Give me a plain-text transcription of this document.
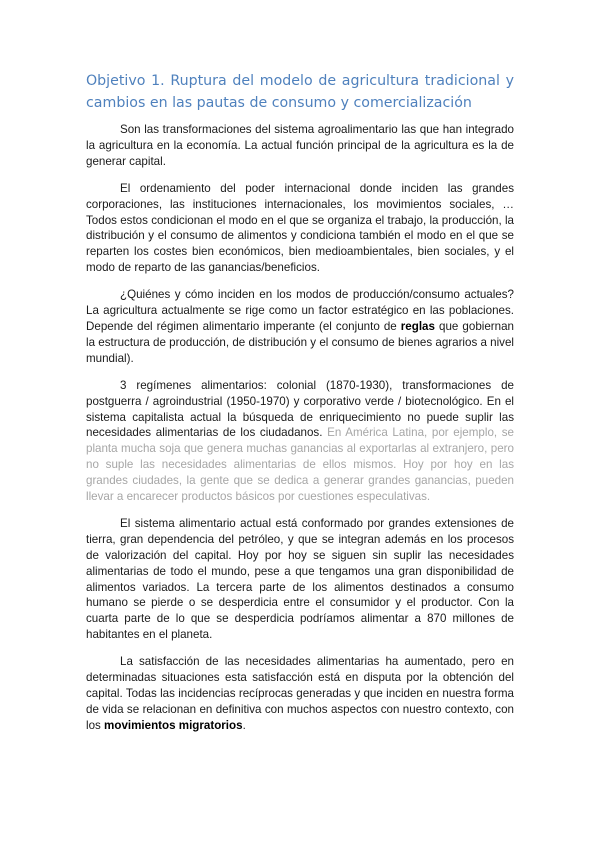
Objetivo 1. Ruptura del modelo de agricultura tradicional y cambios en las pautas de consumo y comercialización

Son las transformaciones del sistema agroalimentario las que han integrado la agricultura en la economía. La actual función principal de la agricultura es la de generar capital.

El ordenamiento del poder internacional donde inciden las grandes corporaciones, las instituciones internacionales, los movimientos sociales, … Todos estos condicionan el modo en el que se organiza el trabajo, la producción, la distribución y el consumo de alimentos y condiciona también el modo en el que se reparten los costes bien económicos, bien medioambientales, bien sociales, y el modo de reparto de las ganancias/beneficios.

¿Quiénes y cómo inciden en los modos de producción/consumo actuales? La agricultura actualmente se rige como un factor estratégico en las poblaciones. Depende del régimen alimentario imperante (el conjunto de reglas que gobiernan la estructura de producción, de distribución y el consumo de bienes agrarios a nivel mundial).

3 regímenes alimentarios: colonial (1870-1930), transformaciones de postguerra / agroindustrial (1950-1970) y corporativo verde / biotecnológico. En el sistema capitalista actual la búsqueda de enriquecimiento no puede suplir las necesidades alimentarias de los ciudadanos. En América Latina, por ejemplo, se planta mucha soja que genera muchas ganancias al exportarlas al extranjero, pero no suple las necesidades alimentarias de ellos mismos. Hoy por hoy en las grandes ciudades, la gente que se dedica a generar grandes ganancias, pueden llevar a encarecer productos básicos por cuestiones especulativas.

El sistema alimentario actual está conformado por grandes extensiones de tierra, gran dependencia del petróleo, y que se integran además en los procesos de valorización del capital. Hoy por hoy se siguen sin suplir las necesidades alimentarias de todo el mundo, pese a que tengamos una gran disponibilidad de alimentos variados. La tercera parte de los alimentos destinados a consumo humano se pierde o se desperdicia entre el consumidor y el productor. Con la cuarta parte de lo que se desperdicia podríamos alimentar a 870 millones de habitantes en el planeta.

La satisfacción de las necesidades alimentarias ha aumentado, pero en determinadas situaciones esta satisfacción está en disputa por la obtención del capital. Todas las incidencias recíprocas generadas y que inciden en nuestra forma de vida se relacionan en definitiva con muchos aspectos con nuestro contexto, con los movimientos migratorios.
